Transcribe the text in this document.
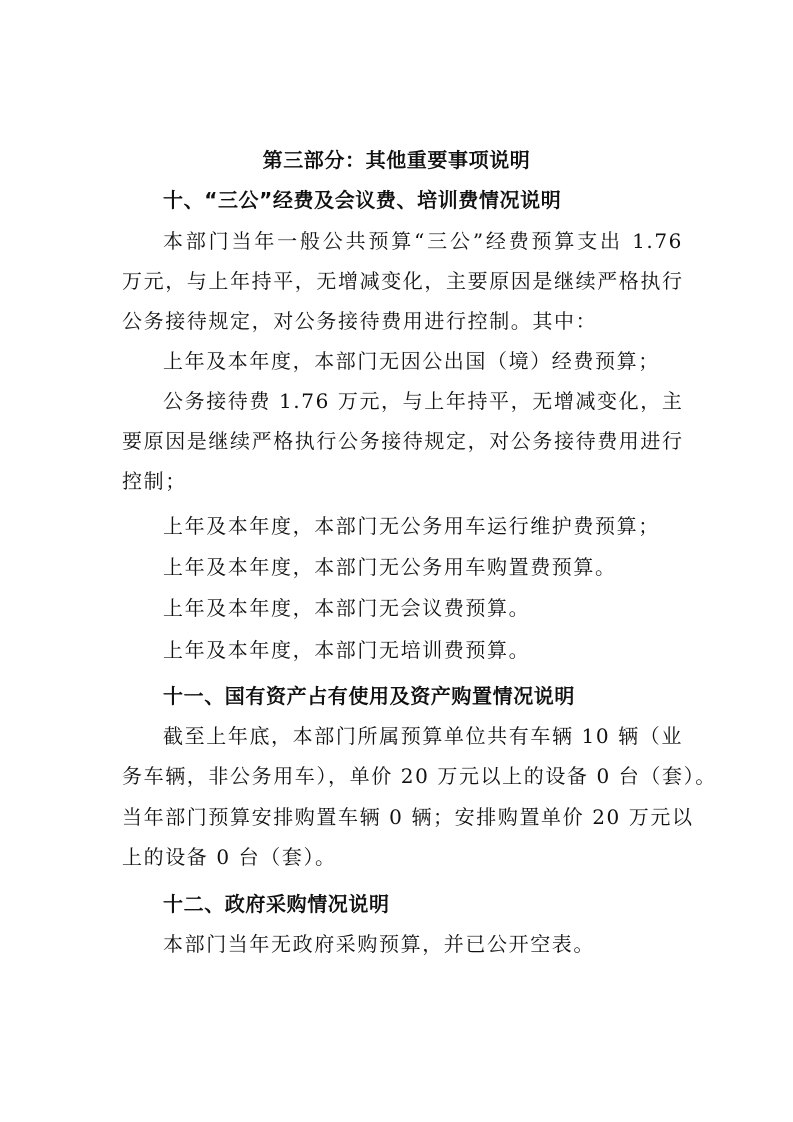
第三部分：其他重要事项说明
十、“三公”经费及会议费、培训费情况说明
本部门当年一般公共预算“三公”经费预算支出 1.76
万元，与上年持平，无增减变化，主要原因是继续严格执行
公务接待规定，对公务接待费用进行控制。其中：
上年及本年度，本部门无因公出国（境）经费预算；
公务接待费 1.76 万元，与上年持平，无增减变化，主
要原因是继续严格执行公务接待规定，对公务接待费用进行
控制；
上年及本年度，本部门无公务用车运行维护费预算；
上年及本年度，本部门无公务用车购置费预算。
上年及本年度，本部门无会议费预算。
上年及本年度，本部门无培训费预算。
十一、国有资产占有使用及资产购置情况说明
截至上年底，本部门所属预算单位共有车辆 10 辆（业
务车辆，非公务用车），单价 20 万元以上的设备 0 台（套）。
当年部门预算安排购置车辆 0 辆；安排购置单价 20 万元以
上的设备 0 台（套）。
十二、政府采购情况说明
本部门当年无政府采购预算，并已公开空表。
